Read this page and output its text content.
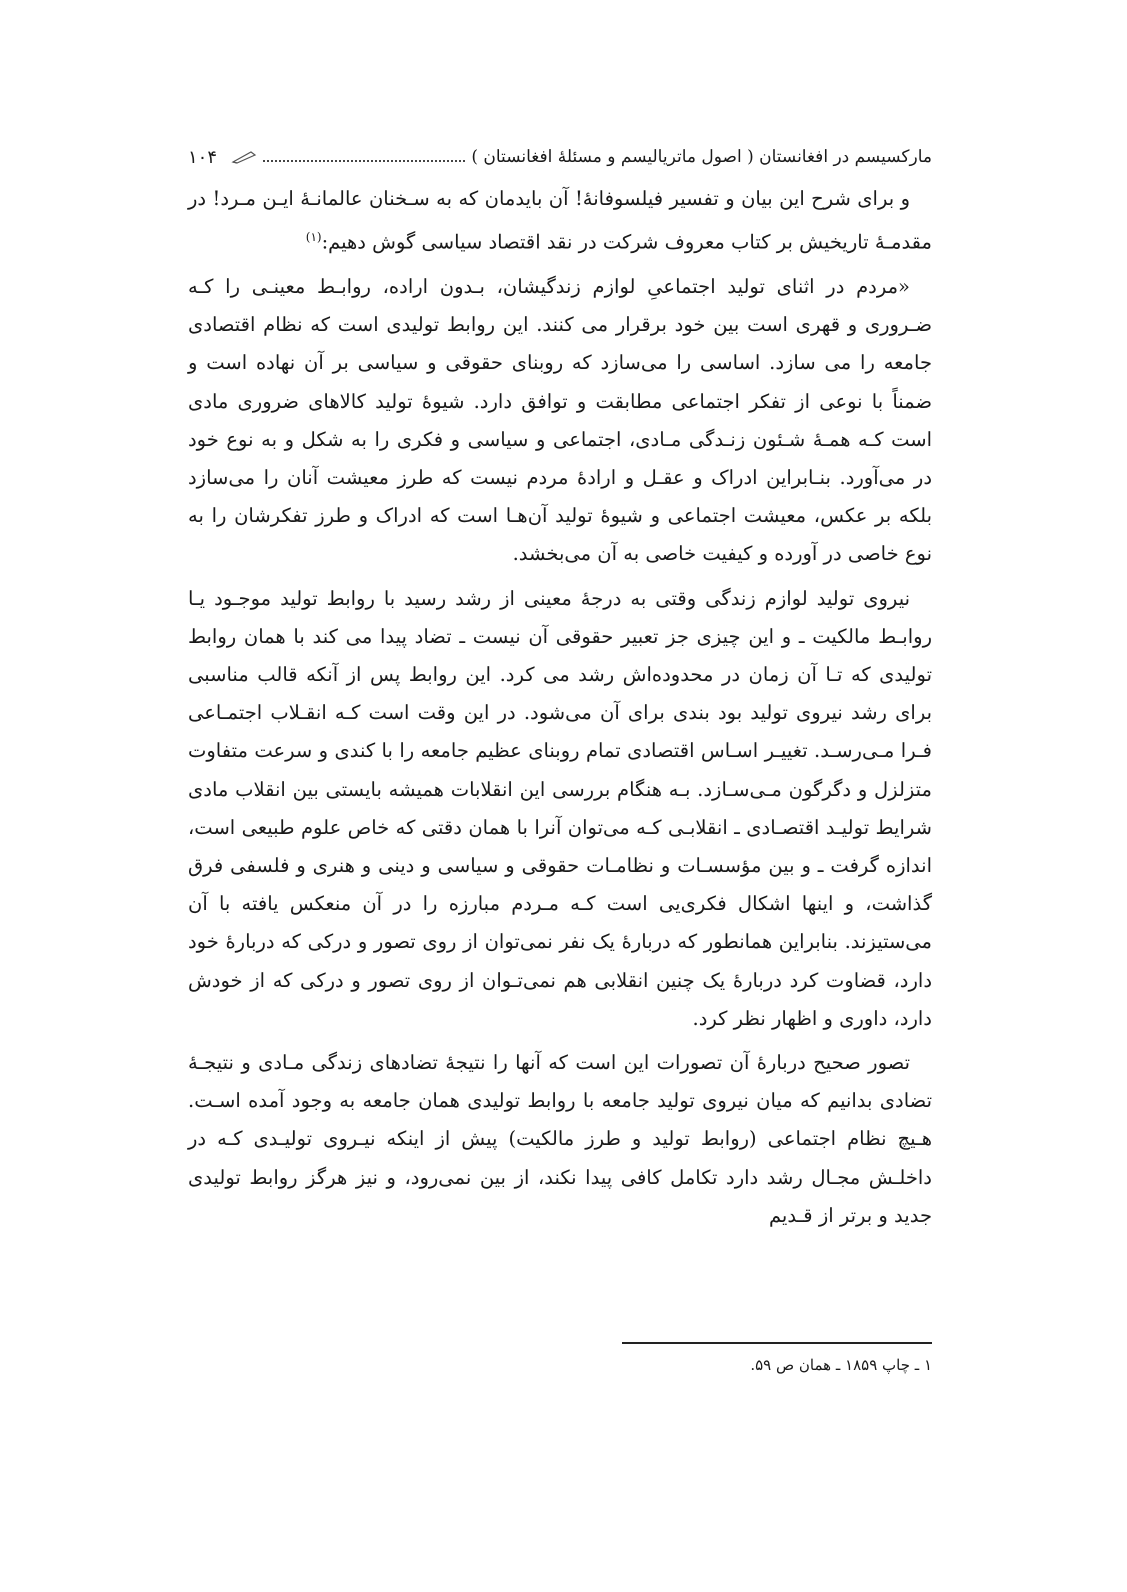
مارکسیسم در افغانستان ( اصول ماتریالیسم و مسئلهٔ افغانستان )
۱۰۴

و برای شرح این بیان و تفسیر فیلسوفانهٔ! آن بایدمان که به سـخنان عالمانـهٔ ایـن مـرد! در مقدمـهٔ تاریخیش بر کتاب معروف شرکت در نقد اقتصاد سیاسی گوش دهیم:$^{(۱)}$

«مردم در اثنای تولید اجتماعیِ لوازم زندگیشان، بـدون اراده، روابـط معینـی را کـه ضـروری و قهری است بین خود برقرار می کنند. این روابط تولیدی است که نظام اقتصادی جامعه را می سازد. اساسی را می‌سازد که روبنای حقوقی و سیاسی بر آن نهاده است و ضمناً با نوعی از تفکر اجتماعی مطابقت و توافق دارد. شیوهٔ تولید کالاهای ضروری مادی است کـه همـهٔ شـئون زنـدگی مـادی، اجتماعی و سیاسی و فکری را به شکل و به نوع خود در می‌آورد. بنـابراین ادراک و عقـل و ارادهٔ مردم نیست که طرز معیشت آنان را می‌سازد بلکه بر عکس، معیشت اجتماعی و شیوهٔ تولید آن‌هـا است که ادراک و طرز تفکرشان را به نوع خاصی در آورده و کیفیت خاصی به آن می‌بخشد.

نیروی تولید لوازم زندگی وقتی به درجهٔ معینی از رشد رسید با روابط تولید موجـود یـا روابـط مالکیت ـ و این چیزی جز تعبیر حقوقی آن نیست ـ تضاد پیدا می کند با همان روابط تولیدی که تـا آن زمان در محدوده‌اش رشد می کرد. این روابط پس از آنکه قالب مناسبی برای رشد نیروی تولید بود بندی برای آن می‌شود. در این وقت است کـه انقـلاب اجتمـاعی فـرا مـی‌رسـد. تغییـر اسـاس اقتصادی تمام روبنای عظیم جامعه را با کندی و سرعت متفاوت متزلزل و دگرگون مـی‌سـازد. بـه هنگام بررسی این انقلابات همیشه بایستی بین انقلاب مادی شرایط تولیـد اقتصـادی ـ انقلابـی کـه می‌توان آنرا با همان دقتی که خاص علوم طبیعی است، اندازه گرفت ـ و بین مؤسسـات و نظامـات حقوقی و سیاسی و دینی و هنری و فلسفی فرق گذاشت، و اینها اشکال فکری‌یی است کـه مـردم مبارزه را در آن منعکس یافته با آن می‌ستیزند. بنابراین همانطور که دربارهٔ یک نفر نمی‌توان از روی تصور و درکی که دربارهٔ خود دارد، قضاوت کرد دربارهٔ یک چنین انقلابی هم نمی‌تـوان از روی تصور و درکی که از خودش دارد، داوری و اظهار نظر کرد.

تصور صحیح دربارهٔ آن تصورات این است که آنها را نتیجهٔ تضادهای زندگی مـادی و نتیجـهٔ تضادی بدانیم که میان نیروی تولید جامعه با روابط تولیدی همان جامعه به وجود آمده اسـت. هـیچ نظام اجتماعی (روابط تولید و طرز مالکیت) پیش از اینکه نیـروی تولیـدی کـه در داخلـش مجـال رشد دارد تکامل کافی پیدا نکند، از بین نمی‌رود، و نیز هرگز روابط تولیدی جدید و برتر از قـدیم

۱ ـ چاپ ۱۸۵۹ ـ همان ص ۵۹.
